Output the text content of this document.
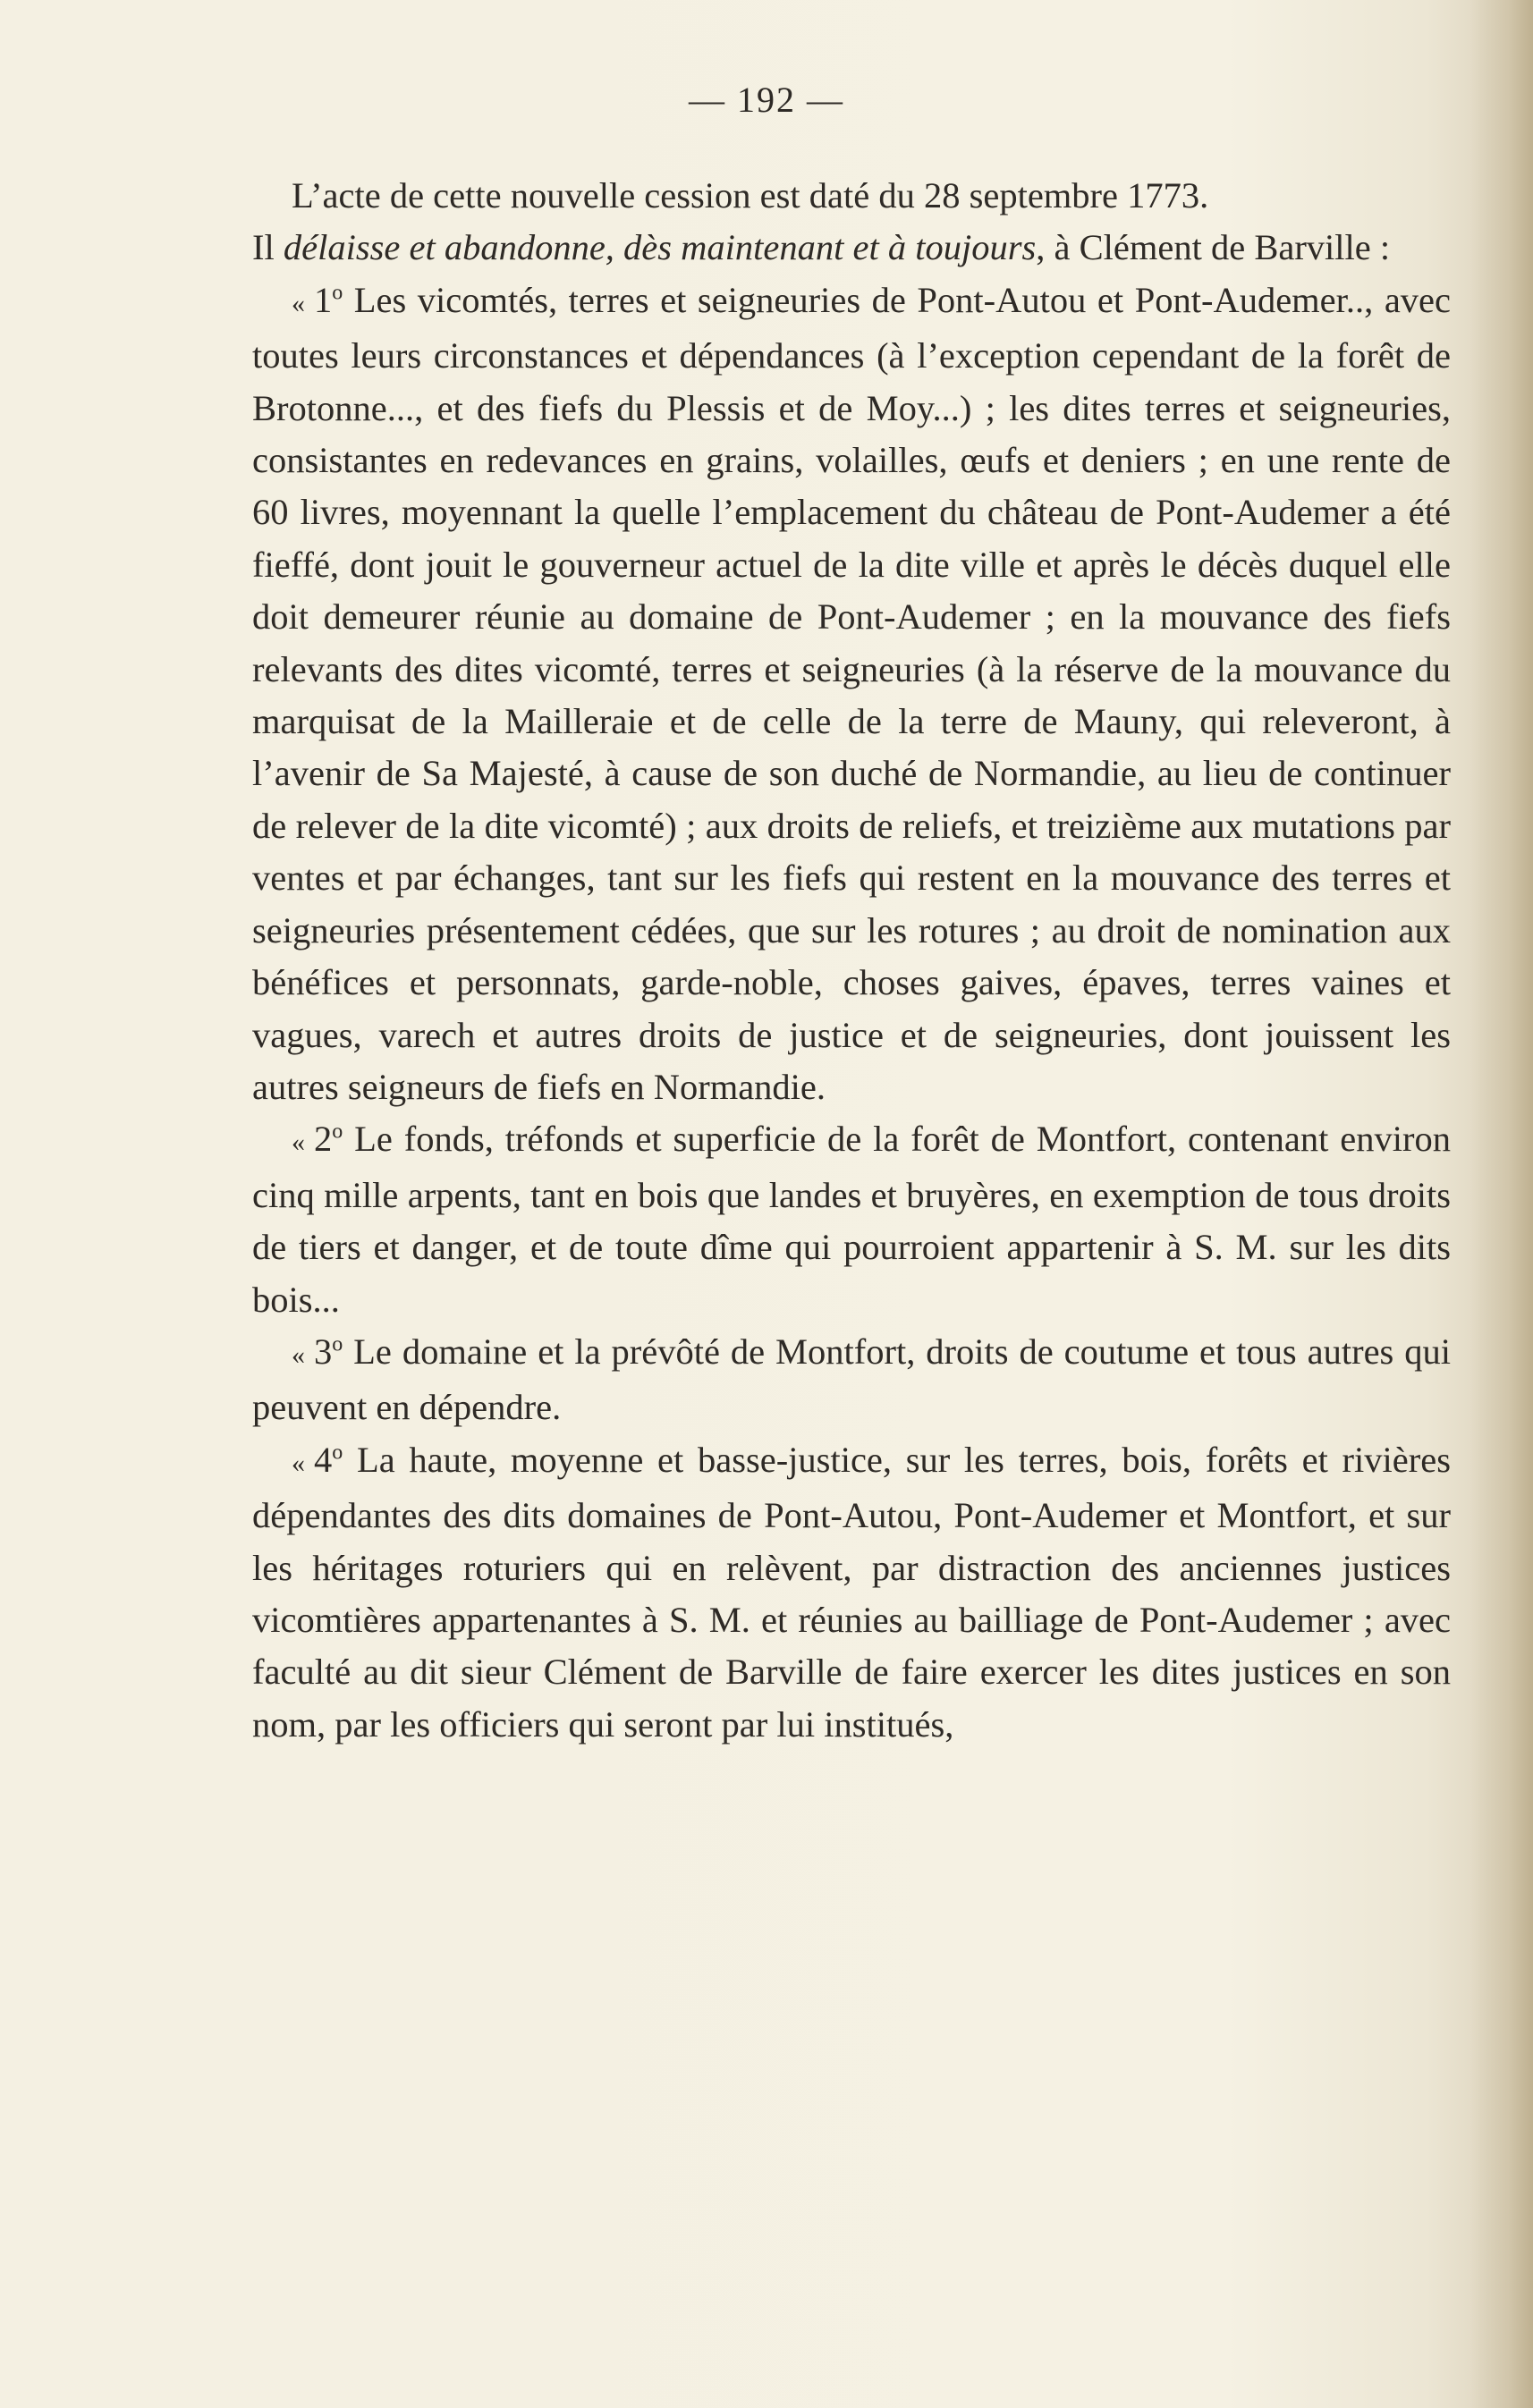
— 192 —

L’acte de cette nouvelle cession est daté du 28 septembre 1773.

Il délaisse et abandonne, dès maintenant et à toujours, à Clément de Barville :

« 1$^o$ Les vicomtés, terres et seigneuries de Pont-Autou et Pont-Audemer.., avec toutes leurs circonstances et dépendances (à l’exception cependant de la forêt de Brotonne..., et des fiefs du Plessis et de Moy...) ; les dites terres et seigneuries, consistantes en redevances en grains, volailles, œufs et deniers ; en une rente de 60 livres, moyennant la quelle l’emplacement du château de Pont-Audemer a été fieffé, dont jouit le gouverneur actuel de la dite ville et après le décès duquel elle doit demeurer réunie au domaine de Pont-Audemer ; en la mouvance des fiefs relevants des dites vicomté, terres et seigneuries (à la réserve de la mouvance du marquisat de la Mailleraie et de celle de la terre de Mauny, qui releveront, à l’avenir de Sa Majesté, à cause de son duché de Normandie, au lieu de continuer de relever de la dite vicomté) ; aux droits de reliefs, et treizième aux mutations par ventes et par échanges, tant sur les fiefs qui restent en la mouvance des terres et seigneuries présentement cédées, que sur les rotures ; au droit de nomination aux bénéfices et personnats, garde-noble, choses gaives, épaves, terres vaines et vagues, varech et autres droits de justice et de seigneuries, dont jouissent les autres seigneurs de fiefs en Normandie.

« 2$^o$ Le fonds, tréfonds et superficie de la forêt de Montfort, contenant environ cinq mille arpents, tant en bois que landes et bruyères, en exemption de tous droits de tiers et danger, et de toute dîme qui pourroient appartenir à S. M. sur les dits bois...

« 3$^o$ Le domaine et la prévôté de Montfort, droits de coutume et tous autres qui peuvent en dépendre.

« 4$^o$ La haute, moyenne et basse-justice, sur les terres, bois, forêts et rivières dépendantes des dits domaines de Pont-Autou, Pont-Audemer et Montfort, et sur les héritages roturiers qui en relèvent, par distraction des anciennes justices vicomtières appartenantes à S. M. et réunies au bailliage de Pont-Audemer ; avec faculté au dit sieur Clément de Barville de faire exercer les dites justices en son nom, par les officiers qui seront par lui institués,
